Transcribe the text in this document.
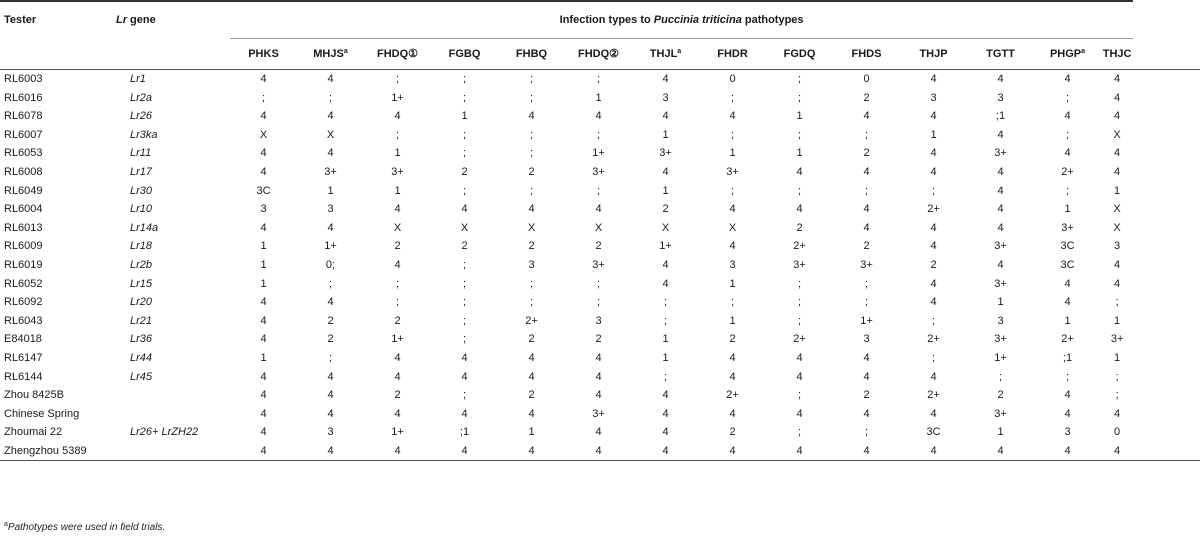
Tester	Lr gene	Infection types to Puccinia triticina pathotypes														
		PHKS	MHJS$^a$	FHDQ①	FGBQ	FHBQ	FHDQ②	THJL$^a$	FHDR	FGDQ	FHDS	THJP	TGTT	PHGP$^a$	THJC	
RL6003	Lr1	4	4	;	;	;	;	4	0	;	0	4	4	4	4	
RL6016	Lr2a	;	;	1+	;	;	1	3	;	;	2	3	3	;	4	
RL6078	Lr26	4	4	4	1	4	4	4	4	1	4	4	;1	4	4	
RL6007	Lr3ka	X	X	;	;	;	;	1	;	;	;	1	4	;	X	
RL6053	Lr11	4	4	1	;	;	1+	3+	1	1	2	4	3+	4	4	
RL6008	Lr17	4	3+	3+	2	2	3+	4	3+	4	4	4	4	2+	4	
RL6049	Lr30	3C	1	1	;	;	;	1	;	;	;	;	4	;	1	
RL6004	Lr10	3	3	4	4	4	4	2	4	4	4	2+	4	1	X	
RL6013	Lr14a	4	4	X	X	X	X	X	X	2	4	4	4	3+	X	
RL6009	Lr18	1	1+	2	2	2	2	1+	4	2+	2	4	3+	3C	3	
RL6019	Lr2b	1	0;	4	;	3	3+	4	3	3+	3+	2	4	3C	4	
RL6052	Lr15	1	;	;	;	;	;	4	1	;	;	4	3+	4	4	
RL6092	Lr20	4	4	;	;	;	;	;	;	;	;	4	1	4	;	
RL6043	Lr21	4	2	2	;	2+	3	;	1	;	1+	;	3	1	1	
E84018	Lr36	4	2	1+	;	2	2	1	2	2+	3	2+	3+	2+	3+	
RL6147	Lr44	1	;	4	4	4	4	1	4	4	4	;	1+	;1	1	
RL6144	Lr45	4	4	4	4	4	4	;	4	4	4	4	;	;	;	
Zhou 8425B		4	4	2	;	2	4	4	2+	;	2	2+	2	4	;	
Chinese Spring		4	4	4	4	4	3+	4	4	4	4	4	3+	4	4	
Zhoumai 22	Lr26+ LrZH22	4	3	1+	;1	1	4	4	2	;	;	3C	1	3	0	
Zhengzhou 5389		4	4	4	4	4	4	4	4	4	4	4	4	4	4	
$^a$Pathotypes were used in field trials.
